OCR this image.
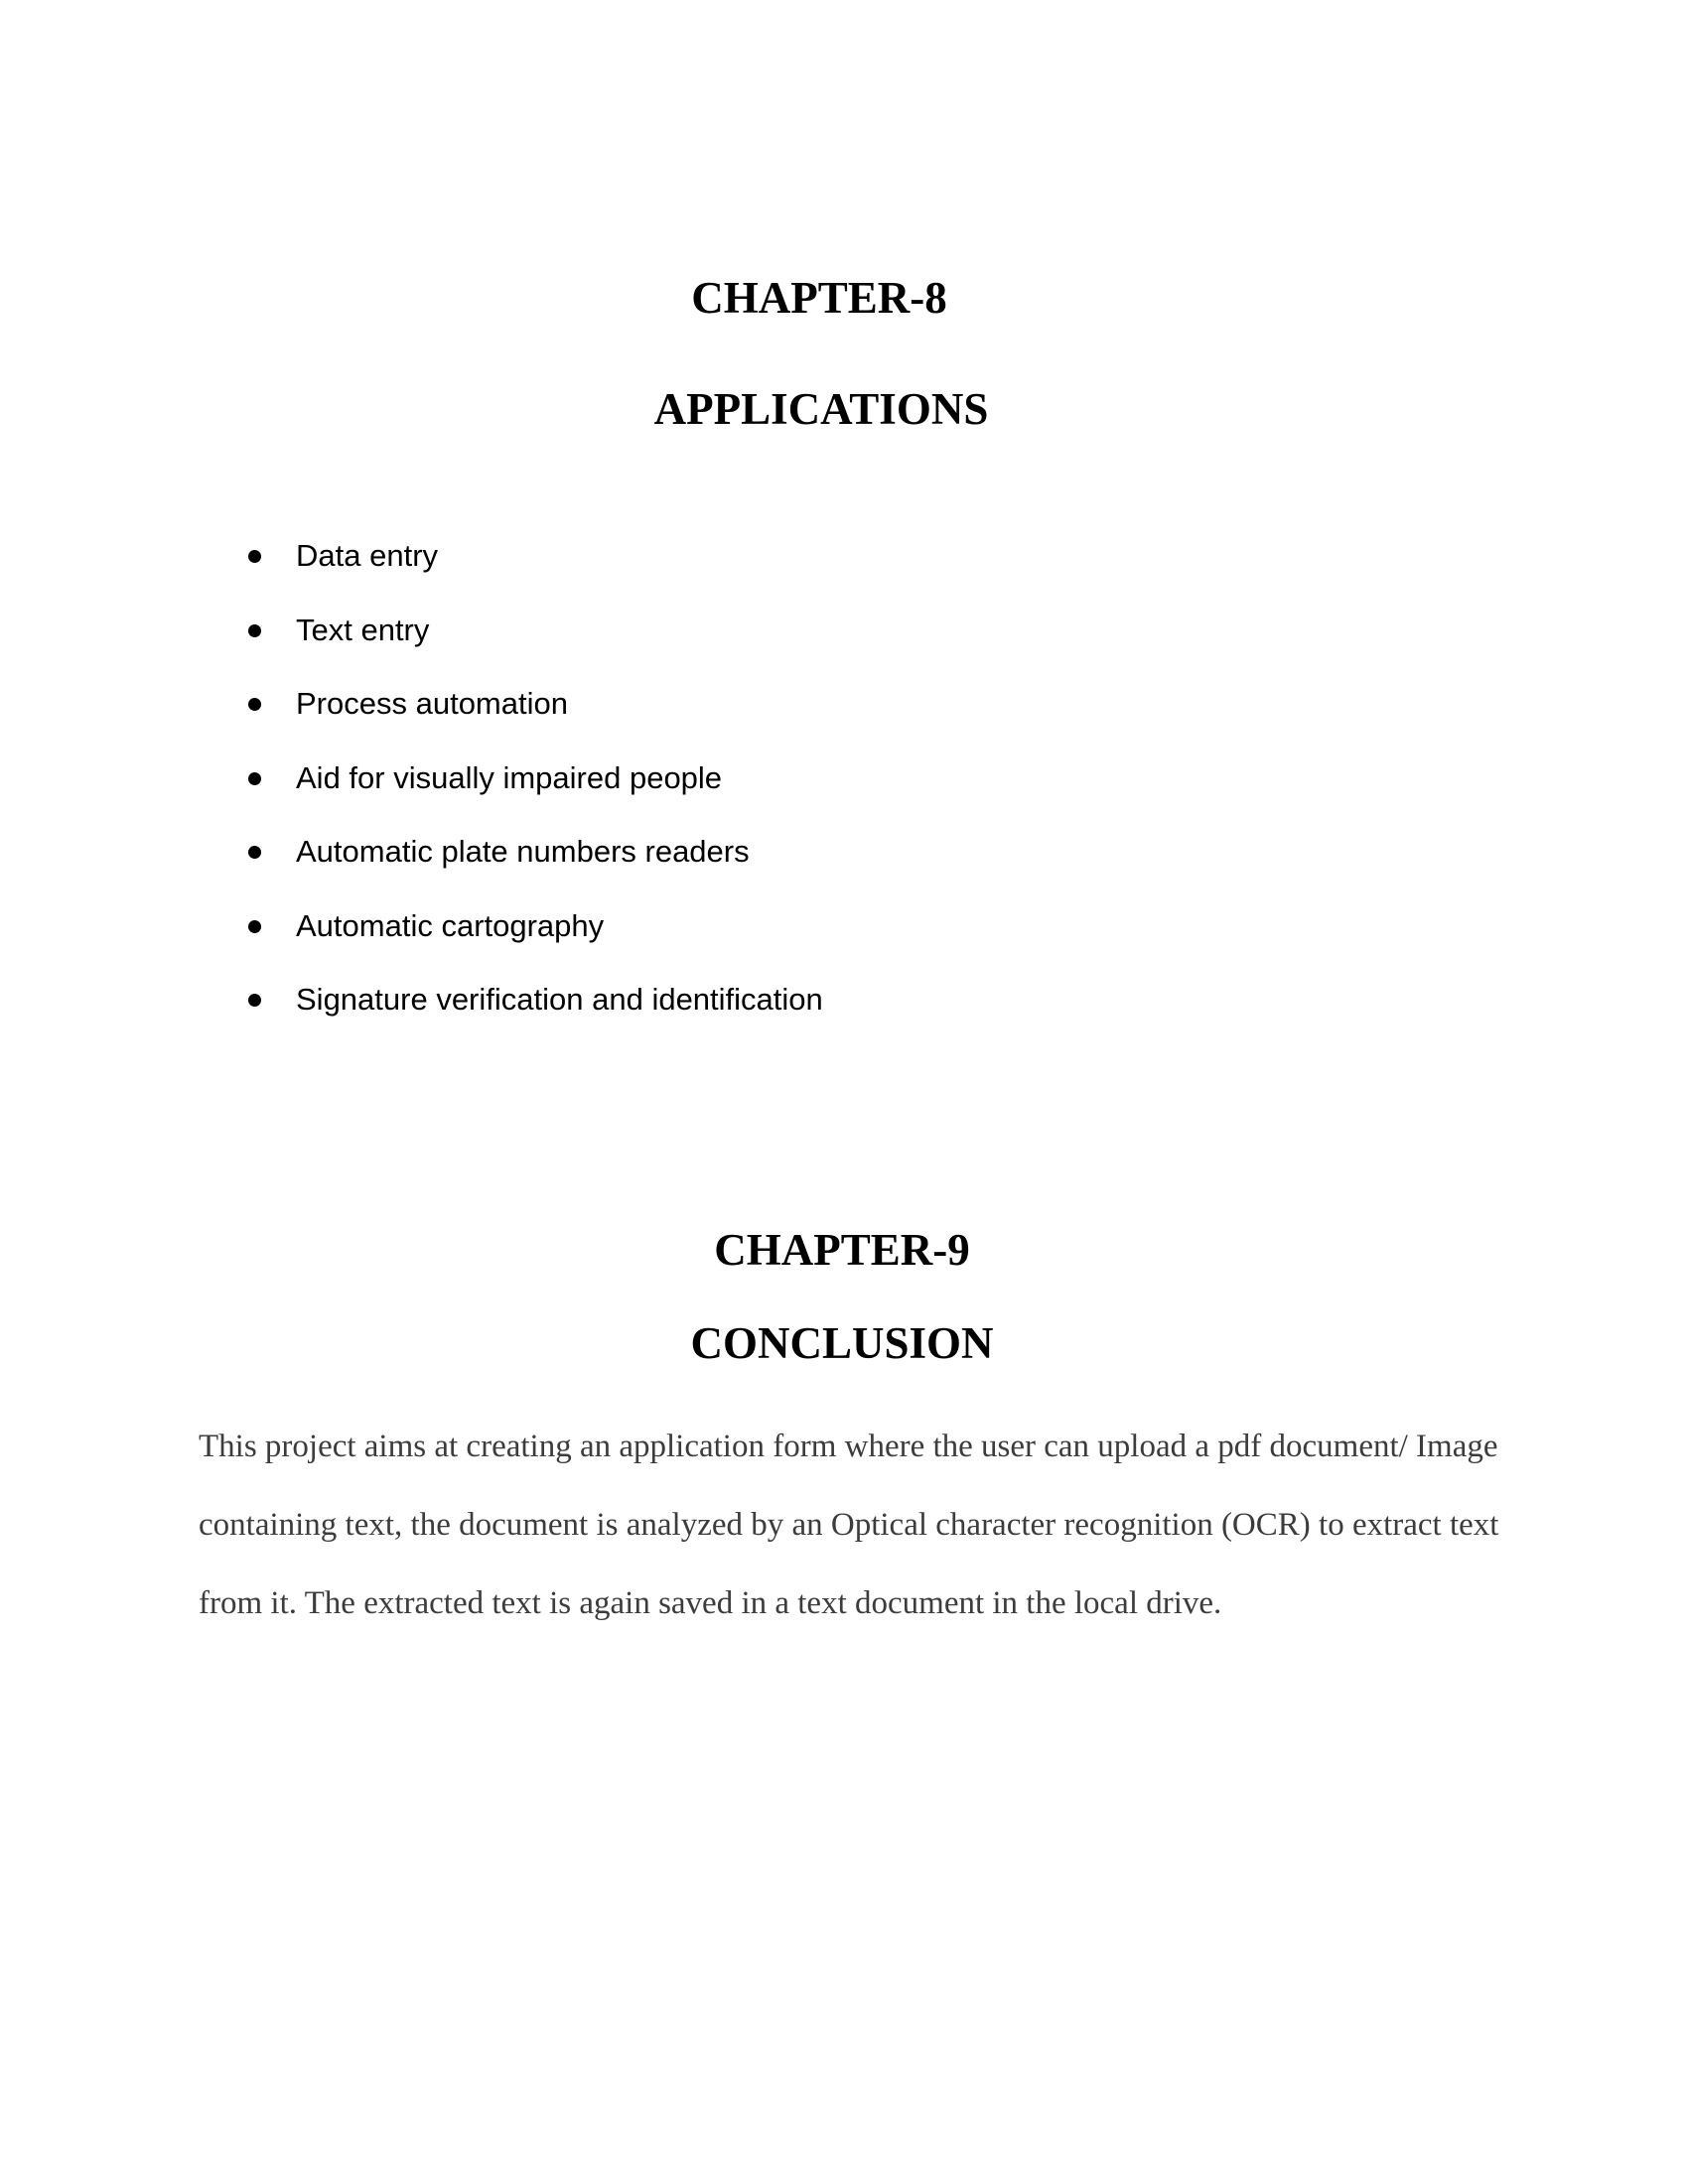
CHAPTER-8
APPLICATIONS
Data entry
Text entry
Process automation
Aid for visually impaired people
Automatic plate numbers readers
Automatic cartography
Signature verification and identification
CHAPTER-9
CONCLUSION

This project aims at creating an application form where the user can upload a pdf document/ Image containing text, the document is analyzed by an Optical character recognition (OCR) to extract text from it. The extracted text is again saved in a text document in the local drive.
